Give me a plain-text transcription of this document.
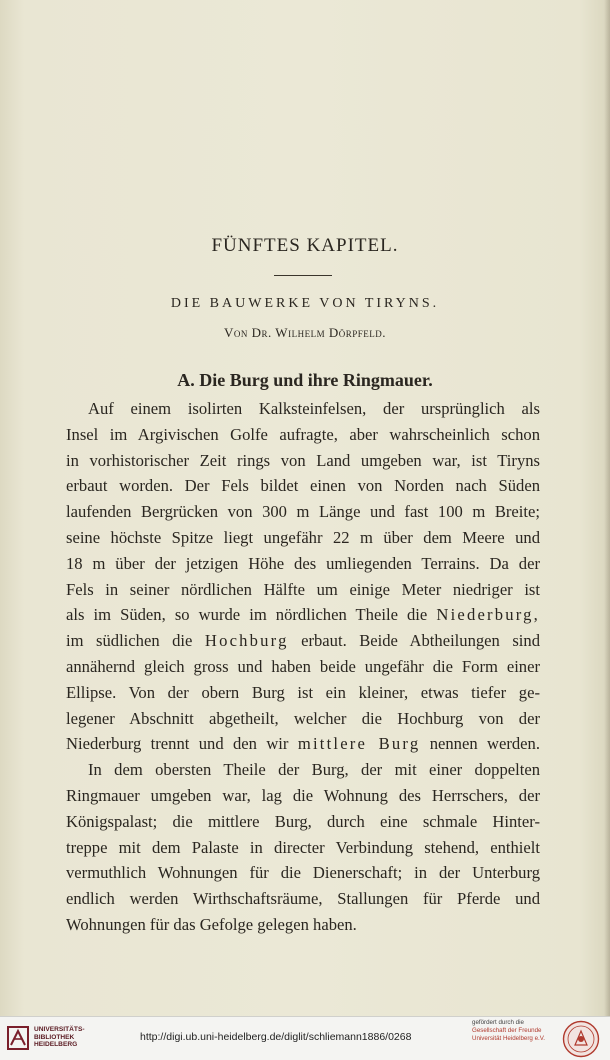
FÜNFTES KAPITEL.
DIE BAUWERKE VON TIRYNS.
Von Dr. Wilhelm Dörpfeld.
A. Die Burg und ihre Ringmauer.
Auf einem isolirten Kalksteinfelsen, der ursprünglich als
Insel im Argivischen Golfe aufragte, aber wahrscheinlich schon
in vorhistorischer Zeit rings von Land umgeben war, ist Tiryns
erbaut worden. Der Fels bildet einen von Norden nach Süden
laufenden Bergrücken von 300 m Länge und fast 100 m Breite;
seine höchste Spitze liegt ungefähr 22 m über dem Meere und
18 m über der jetzigen Höhe des umliegenden Terrains. Da der
Fels in seiner nördlichen Hälfte um einige Meter niedriger ist
als im Süden, so wurde im nördlichen Theile die Niederburg,
im südlichen die Hochburg erbaut. Beide Abtheilungen sind
annähernd gleich gross und haben beide ungefähr die Form einer
Ellipse. Von der obern Burg ist ein kleiner, etwas tiefer ge-
legener Abschnitt abgetheilt, welcher die Hochburg von der
Niederburg trennt und den wir mittlere Burg nennen werden.
In dem obersten Theile der Burg, der mit einer doppelten
Ringmauer umgeben war, lag die Wohnung des Herrschers, der
Königspalast; die mittlere Burg, durch eine schmale Hinter-
treppe mit dem Palaste in directer Verbindung stehend, enthielt
vermuthlich Wohnungen für die Dienerschaft; in der Unterburg
endlich werden Wirthschaftsräume, Stallungen für Pferde und
Wohnungen für das Gefolge gelegen haben.
UNIVERSITÄTS-
BIBLIOTHEK
HEIDELBERG
http://digi.ub.uni-heidelberg.de/diglit/schliemann1886/0268
gefördert durch die
Gesellschaft der Freunde
Universität Heidelberg e.V.
